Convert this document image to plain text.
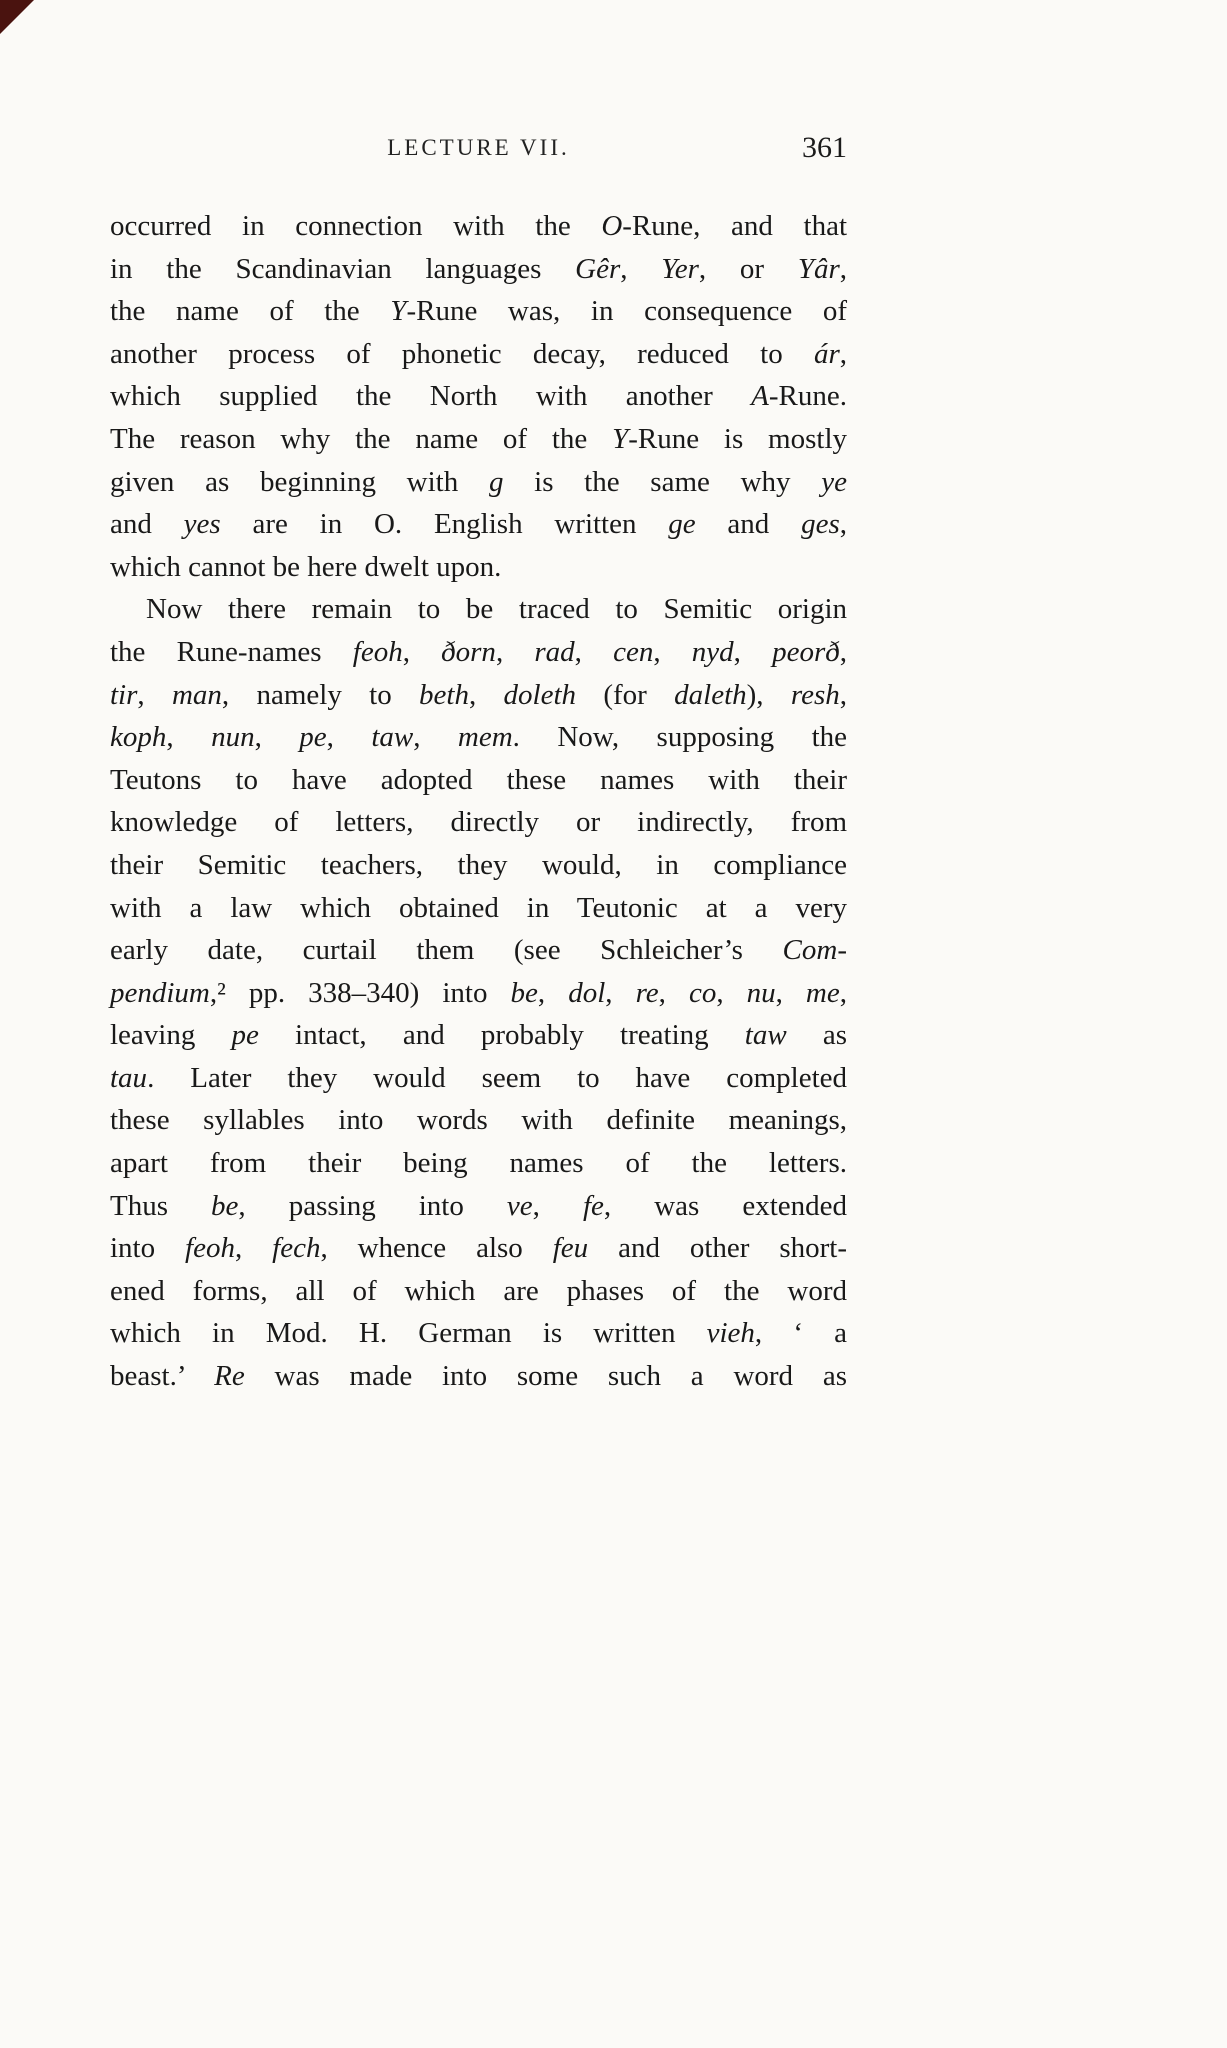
LECTURE VII.	361
occurred in connection with the O-Rune, and that
in the Scandinavian languages Gêr, Yer, or Yâr,
the name of the Y-Rune was, in consequence of
another process of phonetic decay, reduced to ár,
which supplied the North with another A-Rune.
The reason why the name of the Y-Rune is mostly
given as beginning with g is the same why ye
and yes are in O. English written ge and ges,
which cannot be here dwelt upon.
Now there remain to be traced to Semitic origin
the Rune-names feoh, ðorn, rad, cen, nyd, peorð,
tir, man, namely to beth, doleth (for daleth), resh,
koph, nun, pe, taw, mem. Now, supposing the
Teutons to have adopted these names with their
knowledge of letters, directly or indirectly, from
their Semitic teachers, they would, in compliance
with a law which obtained in Teutonic at a very
early date, curtail them (see Schleicher’s Com-
pendium,² pp. 338–340) into be, dol, re, co, nu, me,
leaving pe intact, and probably treating taw as
tau. Later they would seem to have completed
these syllables into words with definite meanings,
apart from their being names of the letters.
Thus be, passing into ve, fe, was extended
into feoh, fech, whence also feu and other short-
ened forms, all of which are phases of the word
which in Mod. H. German is written vieh, ‘ a
beast.’ Re was made into some such a word as
